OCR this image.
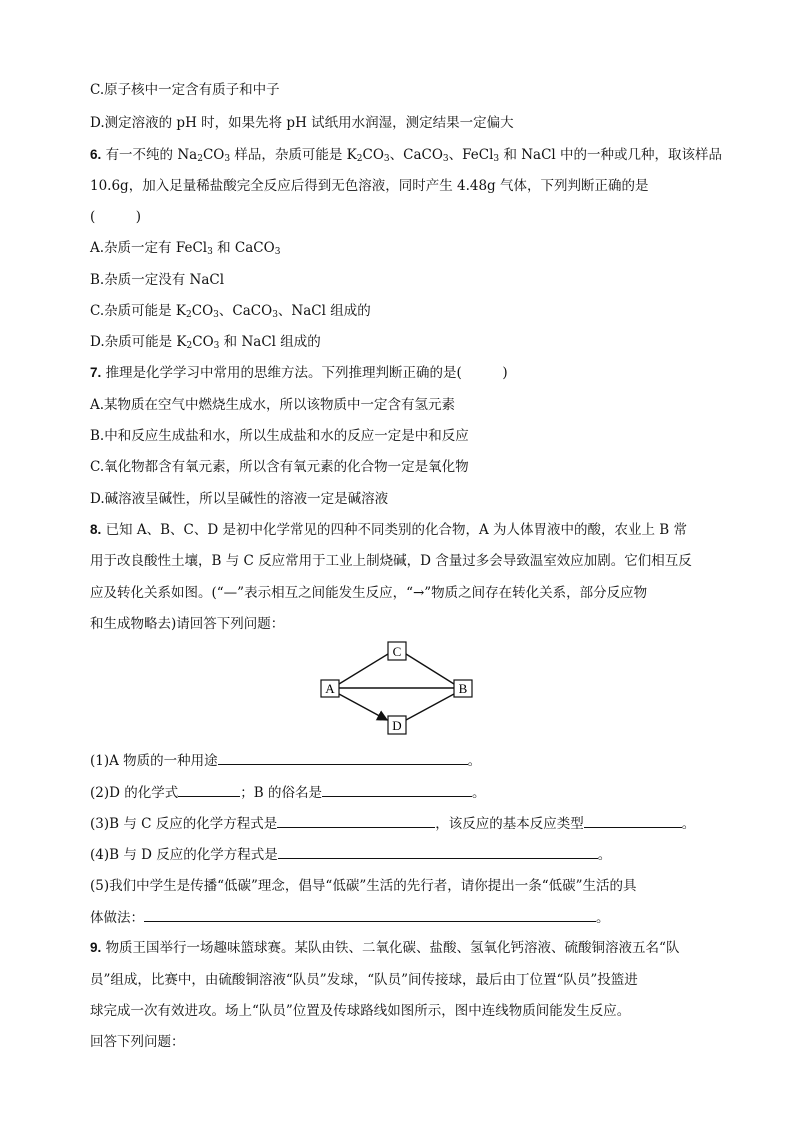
C.原子核中一定含有质子和中子
D.测定溶液的 pH 时，如果先将 pH 试纸用水润湿，测定结果一定偏大
6. 有一不纯的 $Na_2CO_3$ 样品，杂质可能是 $K_2CO_3$、CaCO$_3$、FeCl$_3$ 和 NaCl 中的一种或几种，取该样品
10.6g，加入足量稀盐酸完全反应后得到无色溶液，同时产生 4.48g 气体，下列判断正确的是
(　　　)
A.杂质一定有 FeCl$_3$ 和 CaCO$_3$
B.杂质一定没有 NaCl
C.杂质可能是 $K_2CO_3$、CaCO$_3$、NaCl 组成的
D.杂质可能是 $K_2CO_3$ 和 NaCl 组成的
7. 推理是化学学习中常用的思维方法。下列推理判断正确的是(　　　)
A.某物质在空气中燃烧生成水，所以该物质中一定含有氢元素
B.中和反应生成盐和水，所以生成盐和水的反应一定是中和反应
C.氧化物都含有氧元素，所以含有氧元素的化合物一定是氧化物
D.碱溶液呈碱性，所以呈碱性的溶液一定是碱溶液
8. 已知 A、B、C、D 是初中化学常见的四种不同类别的化合物，A 为人体胃液中的酸，农业上 B 常
用于改良酸性土壤，B 与 C 反应常用于工业上制烧碱，D 含量过多会导致温室效应加剧。它们相互反
应及转化关系如图。(“—”表示相互之间能发生反应，“→”物质之间存在转化关系，部分反应物
和生成物略去)请回答下列问题：
C
A	B
D
(1)A 物质的一种用途	。
(2)D 的化学式	；B 的俗名是	。
(3)B 与 C 反应的化学方程式是	，该反应的基本反应类型	。
(4)B 与 D 反应的化学方程式是	。
(5)我们中学生是传播“低碳”理念，倡导“低碳”生活的先行者，请你提出一条“低碳”生活的具
体做法：	。
9. 物质王国举行一场趣味篮球赛。某队由铁、二氧化碳、盐酸、氢氧化钙溶液、硫酸铜溶液五名“队
员”组成，比赛中，由硫酸铜溶液“队员”发球，“队员”间传接球，最后由丁位置“队员”投篮进
球完成一次有效进攻。场上“队员”位置及传球路线如图所示，图中连线物质间能发生反应。
回答下列问题：
